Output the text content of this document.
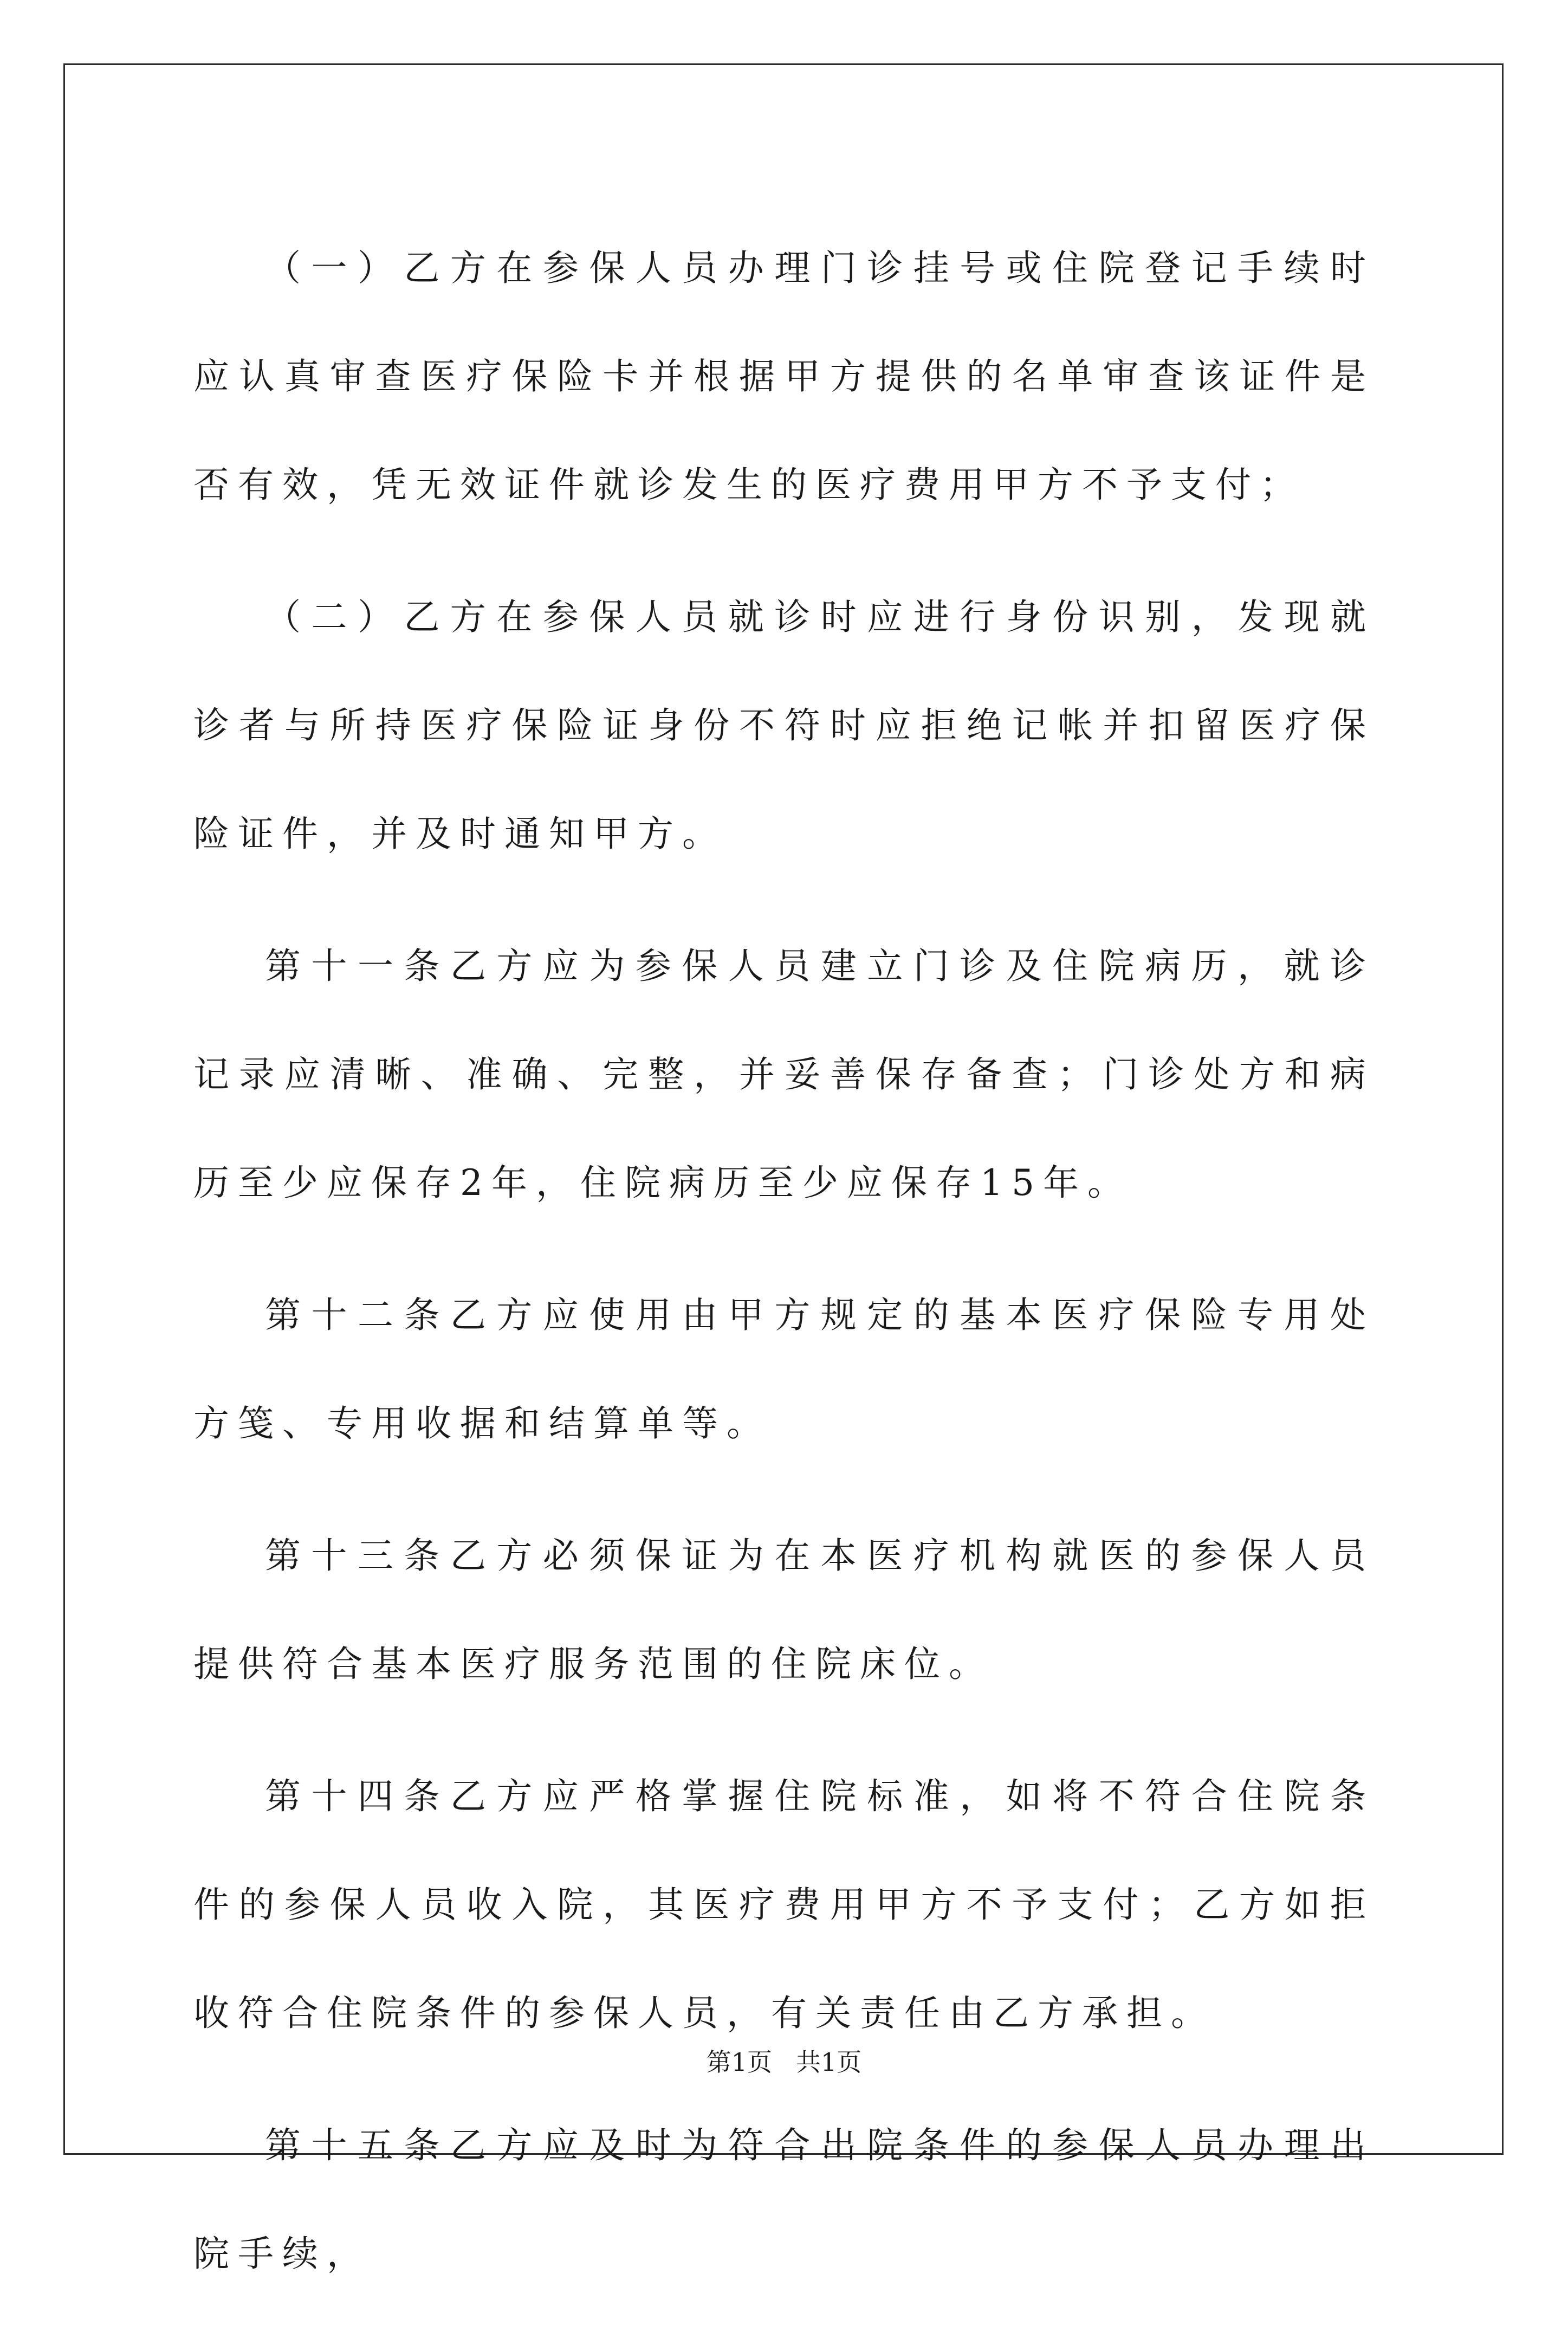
（一）乙方在参保人员办理门诊挂号或住院登记手续时应认真审查医疗保险卡并根据甲方提供的名单审查该证件是否有效，凭无效证件就诊发生的医疗费用甲方不予支付；

（二）乙方在参保人员就诊时应进行身份识别，发现就诊者与所持医疗保险证身份不符时应拒绝记帐并扣留医疗保险证件，并及时通知甲方。

第十一条乙方应为参保人员建立门诊及住院病历，就诊记录应清晰、准确、完整，并妥善保存备查；门诊处方和病历至少应保存2年，住院病历至少应保存15年。

第十二条乙方应使用由甲方规定的基本医疗保险专用处方笺、专用收据和结算单等。

第十三条乙方必须保证为在本医疗机构就医的参保人员提供符合基本医疗服务范围的住院床位。

第十四条乙方应严格掌握住院标准，如将不符合住院条件的参保人员收入院，其医疗费用甲方不予支付；乙方如拒收符合住院条件的参保人员，有关责任由乙方承担。

第十五条乙方应及时为符合出院条件的参保人员办理出院手续，

第1页 共1页
